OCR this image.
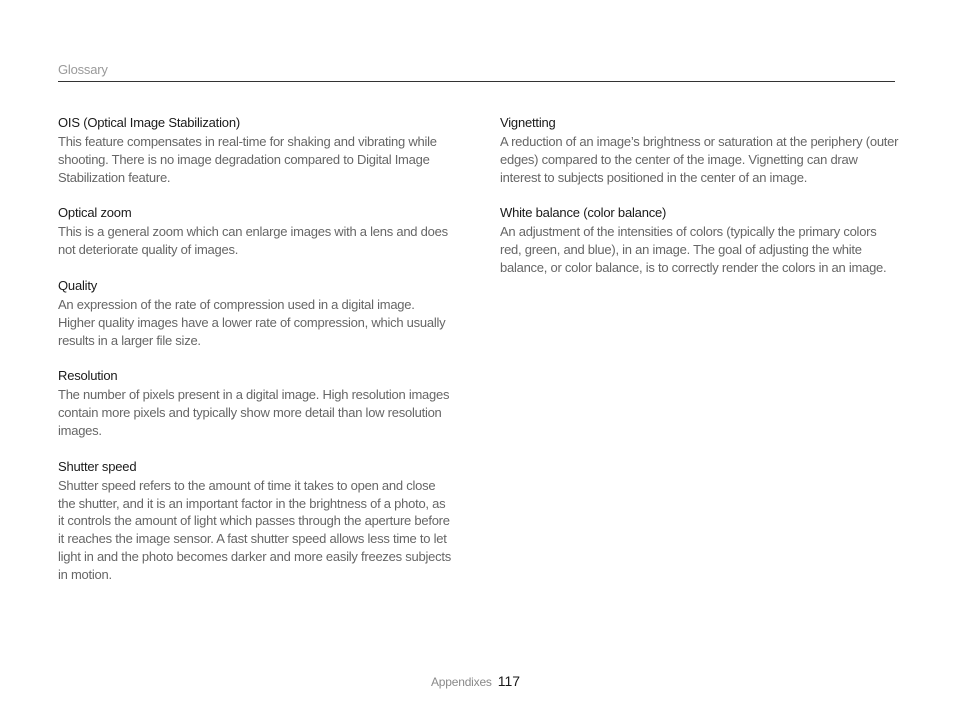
Glossary
OIS (Optical Image Stabilization)

This feature compensates in real-time for shaking and vibrating while shooting. There is no image degradation compared to Digital Image Stabilization feature.

Optical zoom

This is a general zoom which can enlarge images with a lens and does not deteriorate quality of images.

Quality

An expression of the rate of compression used in a digital image. Higher quality images have a lower rate of compression, which usually results in a larger file size.

Resolution

The number of pixels present in a digital image. High resolution images contain more pixels and typically show more detail than low resolution images.

Shutter speed

Shutter speed refers to the amount of time it takes to open and close the shutter, and it is an important factor in the brightness of a photo, as it controls the amount of light which passes through the aperture before it reaches the image sensor. A fast shutter speed allows less time to let light in and the photo becomes darker and more easily freezes subjects in motion.

Vignetting

A reduction of an image’s brightness or saturation at the periphery (outer edges) compared to the center of the image. Vignetting can draw interest to subjects positioned in the center of an image.

White balance (color balance)

An adjustment of the intensities of colors (typically the primary colors red, green, and blue), in an image. The goal of adjusting the white balance, or color balance, is to correctly render the colors in an image.

Appendixes 117
